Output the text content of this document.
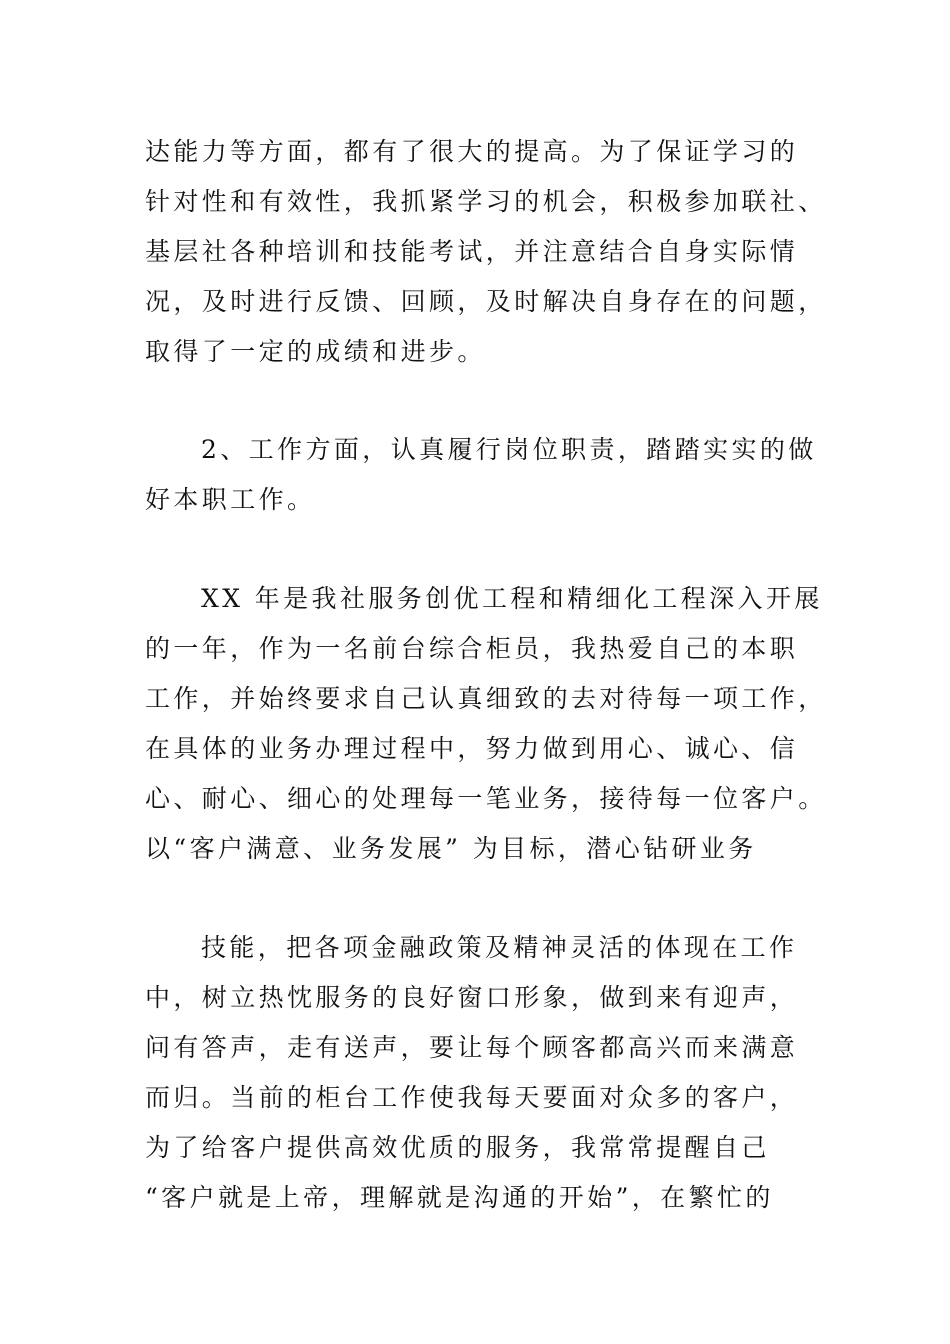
达能力等方面，都有了很大的提高。为了保证学习的
针对性和有效性，我抓紧学习的机会，积极参加联社、
基层社各种培训和技能考试，并注意结合自身实际情
况，及时进行反馈、回顾，及时解决自身存在的问题，
取得了一定的成绩和进步。
2、工作方面，认真履行岗位职责，踏踏实实的做
好本职工作。
XX 年是我社服务创优工程和精细化工程深入开展
的一年，作为一名前台综合柜员，我热爱自己的本职
工作，并始终要求自己认真细致的去对待每一项工作，
在具体的业务办理过程中，努力做到用心、诚心、信
心、耐心、细心的处理每一笔业务，接待每一位客户。
以“客户满意、业务发展” 为目标，潜心钻研业务
技能，把各项金融政策及精神灵活的体现在工作
中，树立热忱服务的良好窗口形象，做到来有迎声，
问有答声，走有送声，要让每个顾客都高兴而来满意
而归。当前的柜台工作使我每天要面对众多的客户，
为了给客户提供高效优质的服务，我常常提醒自己
“客户就是上帝，理解就是沟通的开始”，在繁忙的
